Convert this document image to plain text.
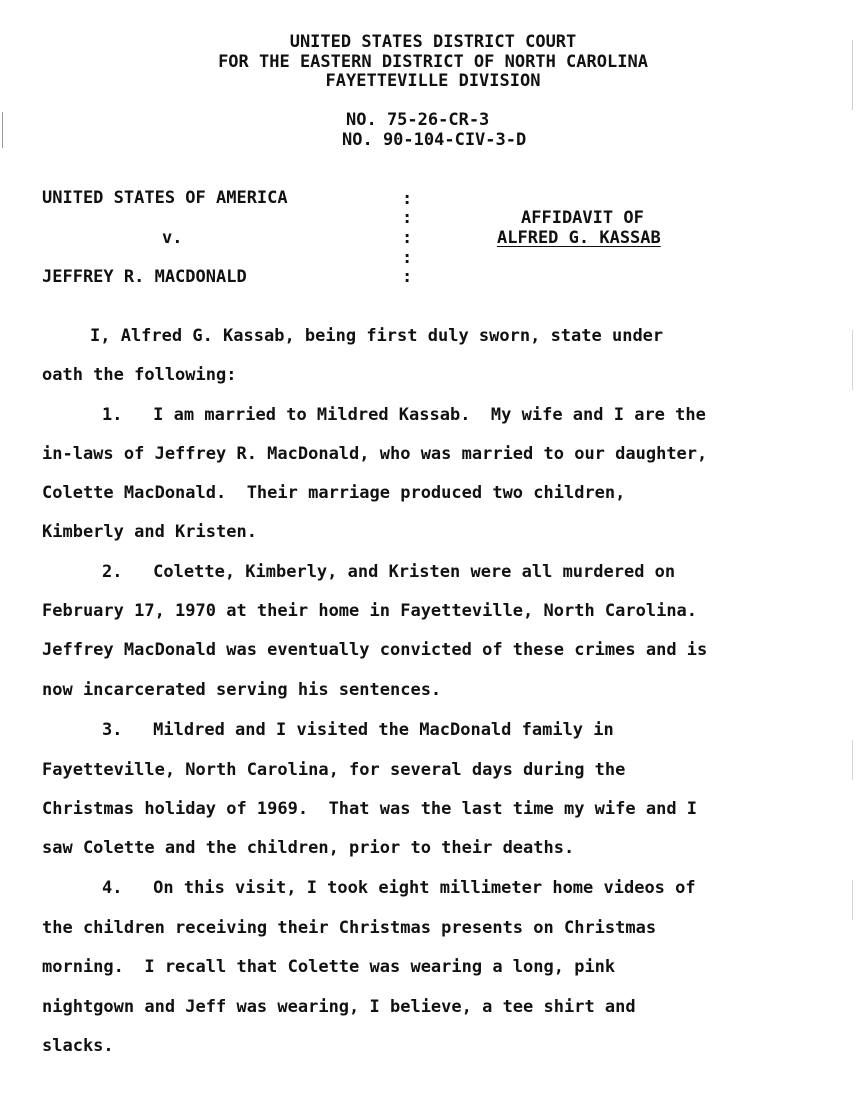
UNITED STATES DISTRICT COURT
FOR THE EASTERN DISTRICT OF NORTH CAROLINA
FAYETTEVILLE DIVISION
NO. 75-26-CR-3
NO. 90-104-CIV-3-D
UNITED STATES OF AMERICA
v.
JEFFREY R. MACDONALD
:
:
:
:
:
AFFIDAVIT OF
ALFRED G. KASSAB
I, Alfred G. Kassab, being first duly sworn, state under
oath the following:
1.   I am married to Mildred Kassab.  My wife and I are the
in-laws of Jeffrey R. MacDonald, who was married to our daughter,
Colette MacDonald.  Their marriage produced two children,
Kimberly and Kristen.
2.   Colette, Kimberly, and Kristen were all murdered on
February 17, 1970 at their home in Fayetteville, North Carolina.
Jeffrey MacDonald was eventually convicted of these crimes and is
now incarcerated serving his sentences.
3.   Mildred and I visited the MacDonald family in
Fayetteville, North Carolina, for several days during the
Christmas holiday of 1969.  That was the last time my wife and I
saw Colette and the children, prior to their deaths.
4.   On this visit, I took eight millimeter home videos of
the children receiving their Christmas presents on Christmas
morning.  I recall that Colette was wearing a long, pink
nightgown and Jeff was wearing, I believe, a tee shirt and
slacks.
